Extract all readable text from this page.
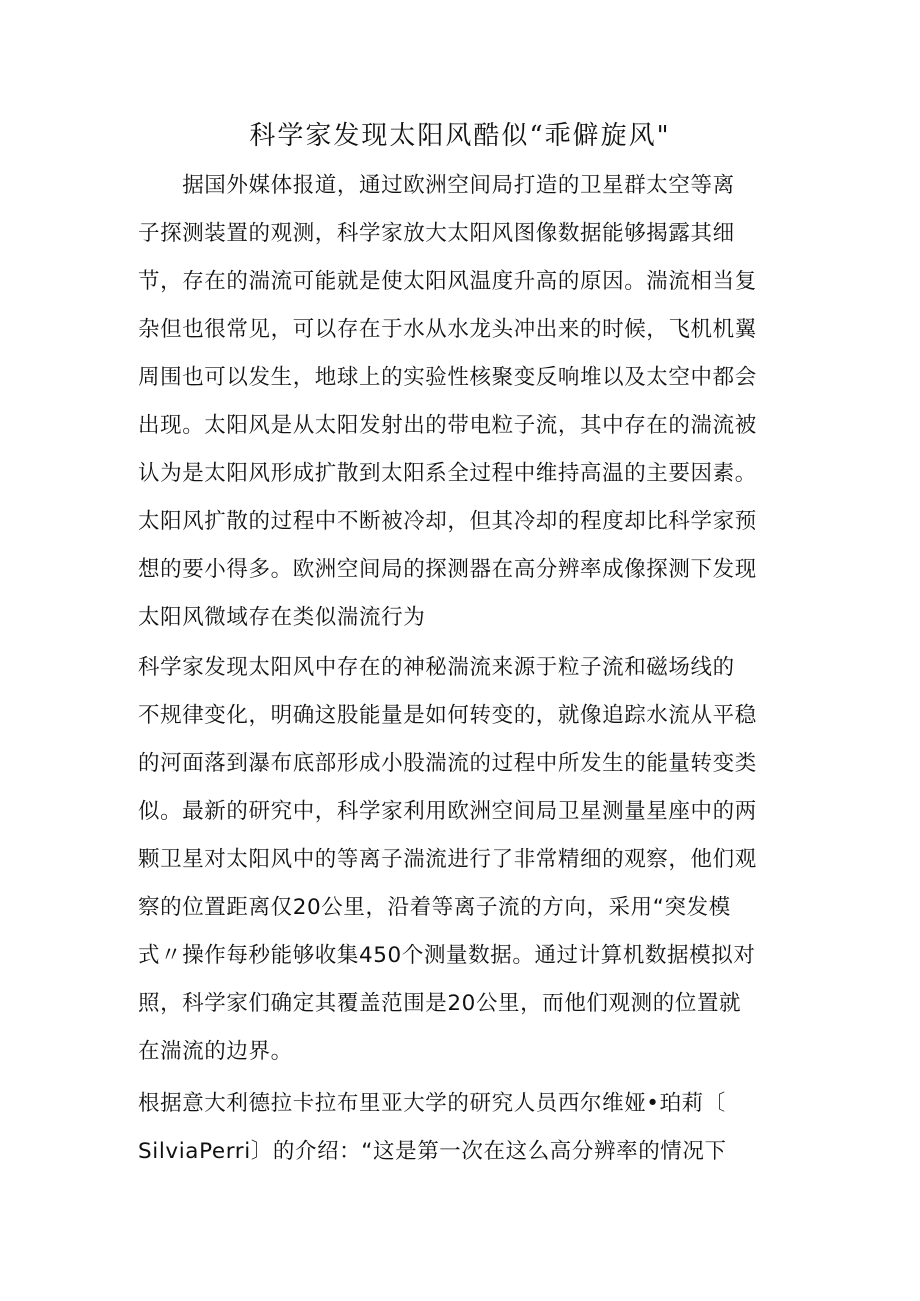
科学家发现太阳风酷似“乖僻旋风"
　　据国外媒体报道，通过欧洲空间局打造的卫星群太空等离
子探测装置的观测，科学家放大太阳风图像数据能够揭露其细
节，存在的湍流可能就是使太阳风温度升高的原因。湍流相当复
杂但也很常见，可以存在于水从水龙头冲出来的时候，飞机机翼
周围也可以发生，地球上的实验性核聚变反响堆以及太空中都会
出现。太阳风是从太阳发射出的带电粒子流，其中存在的湍流被
认为是太阳风形成扩散到太阳系全过程中维持高温的主要因素。
太阳风扩散的过程中不断被冷却，但其冷却的程度却比科学家预
想的要小得多。欧洲空间局的探测器在高分辨率成像探测下发现
太阳风微域存在类似湍流行为
科学家发现太阳风中存在的神秘湍流来源于粒子流和磁场线的
不规律变化，明确这股能量是如何转变的，就像追踪水流从平稳
的河面落到瀑布底部形成小股湍流的过程中所发生的能量转变类
似。最新的研究中，科学家利用欧洲空间局卫星测量星座中的两
颗卫星对太阳风中的等离子湍流进行了非常精细的观察，他们观
察的位置距离仅20公里，沿着等离子流的方向，采用“突发模
式〃操作每秒能够收集450个测量数据。通过计算机数据模拟对
照，科学家们确定其覆盖范围是20公里，而他们观测的位置就
在湍流的边界。
根据意大利德拉卡拉布里亚大学的研究人员西尔维娅•珀莉〔
SilviaPerri〕的介绍：“这是第一次在这么高分辨率的情况下
